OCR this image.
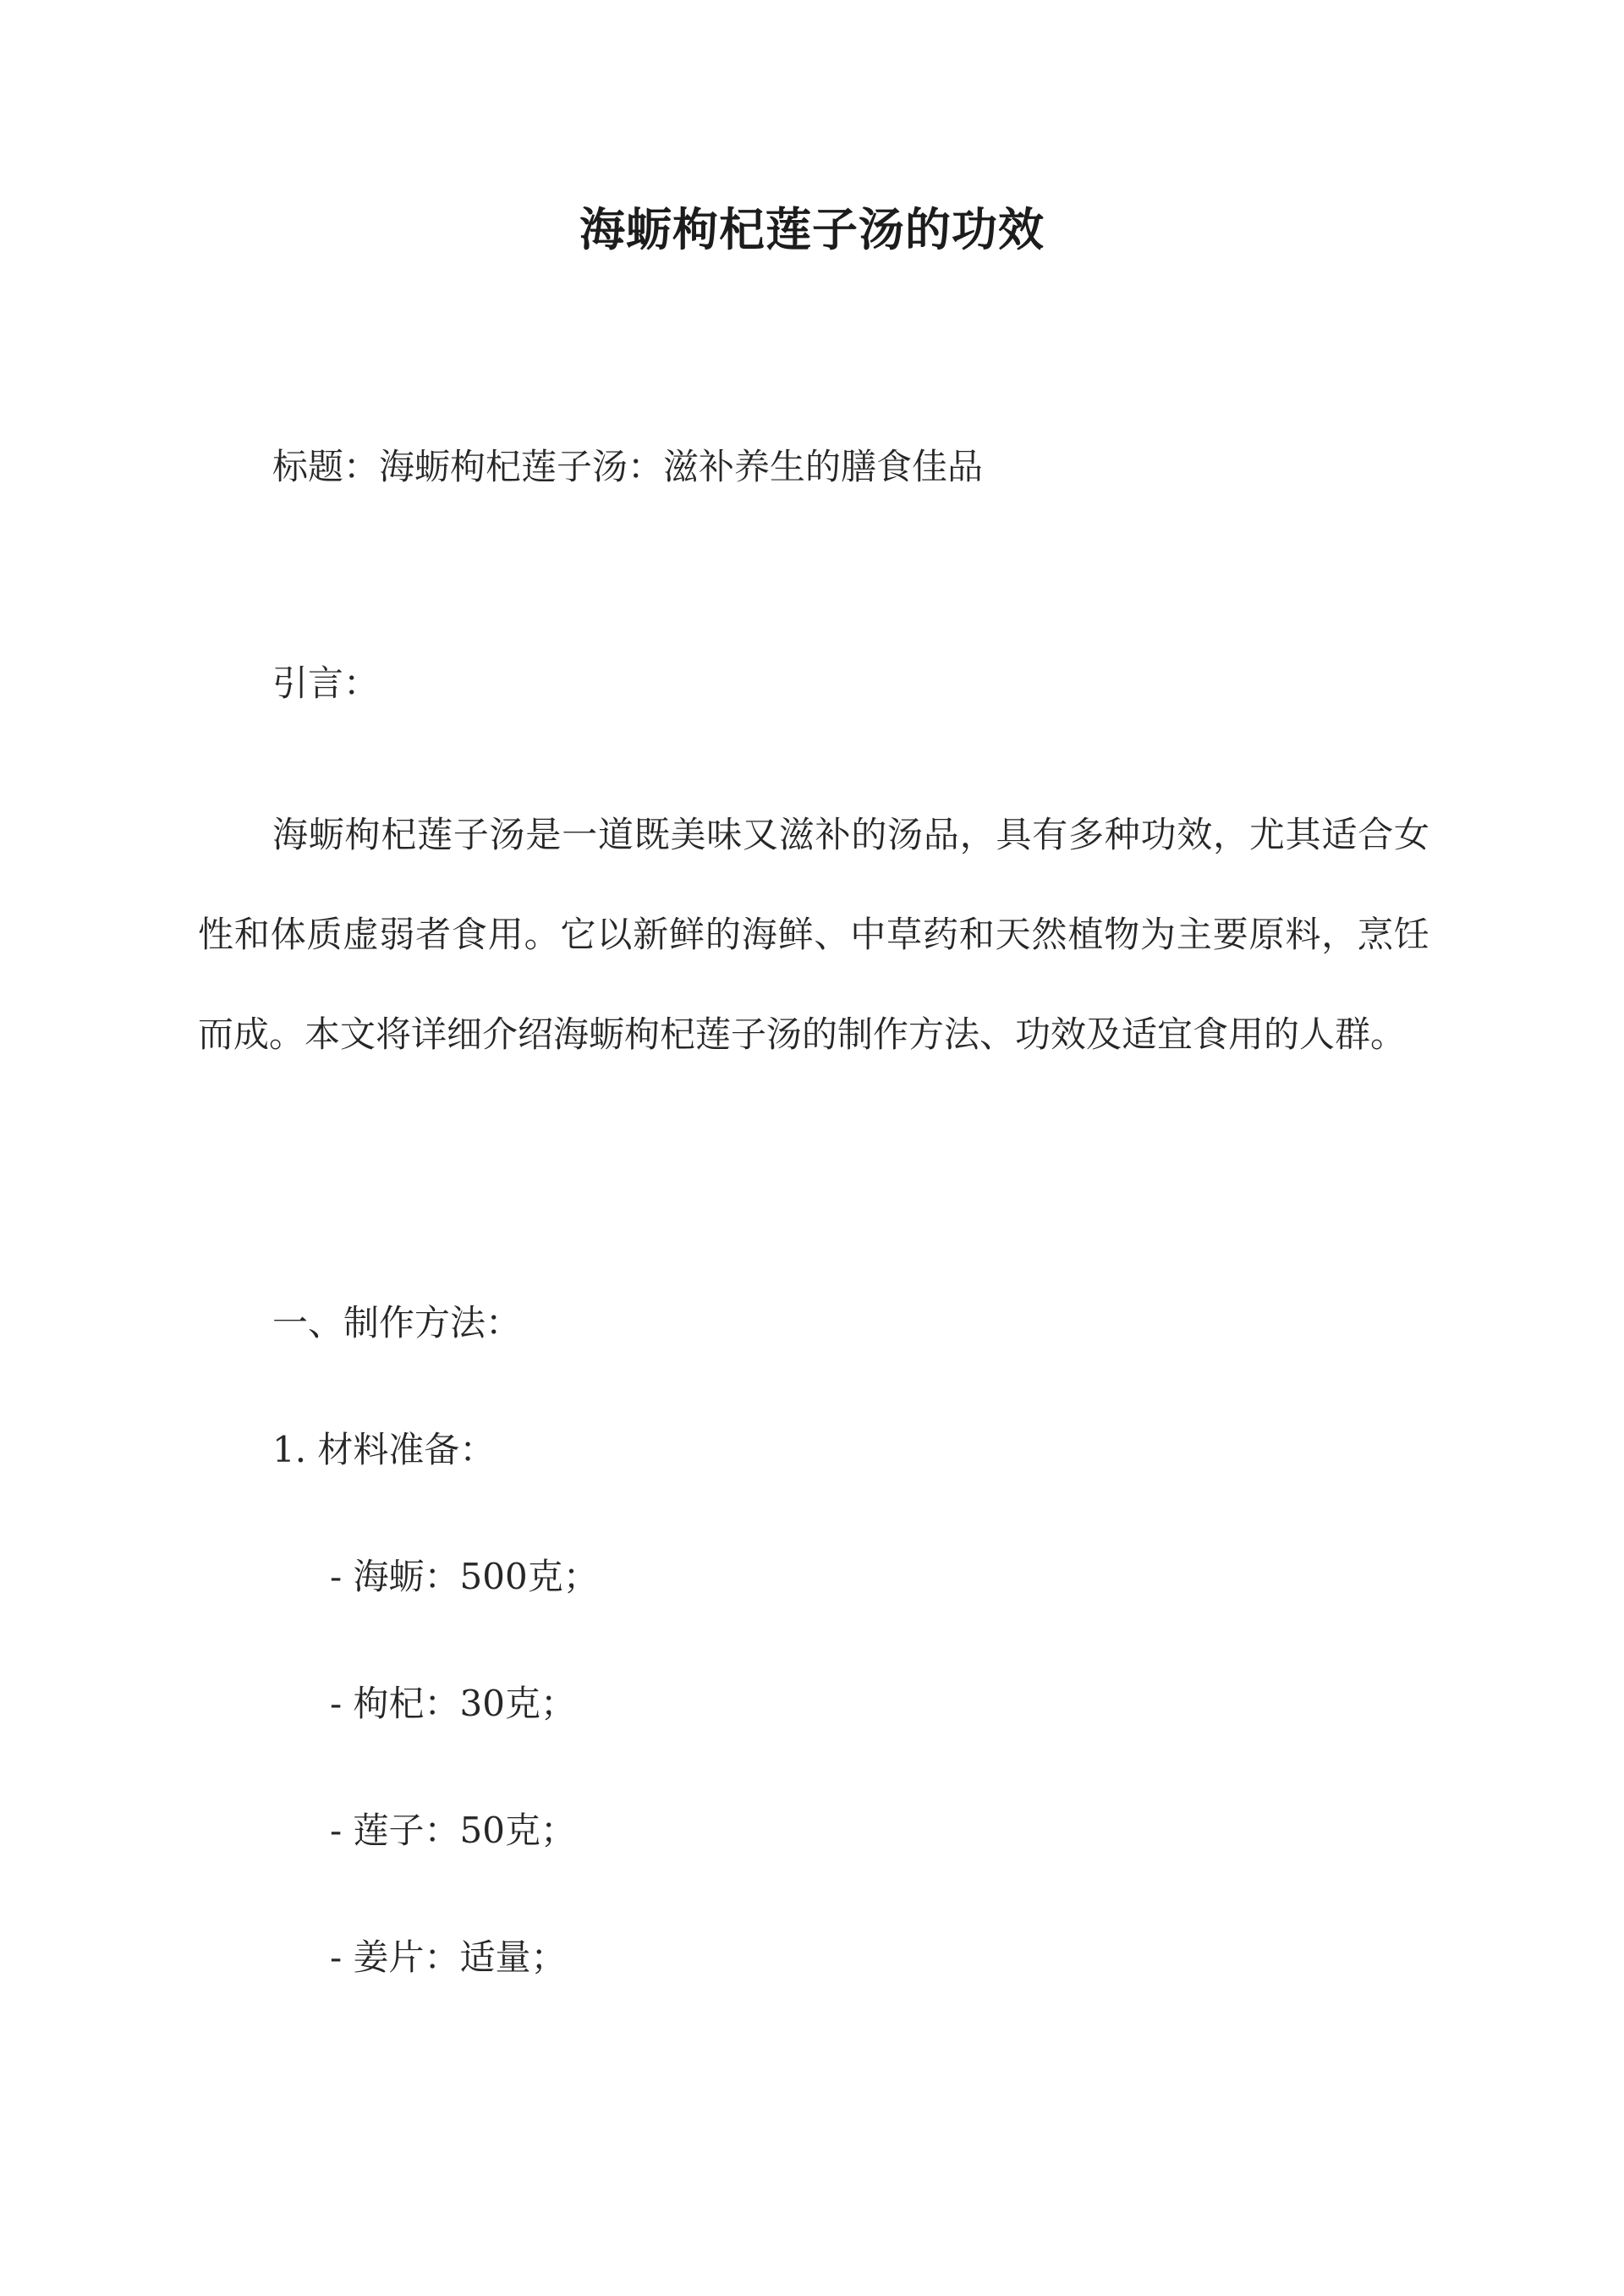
海蛎枸杞莲子汤的功效
标题：海蛎枸杞莲子汤：滋补养生的膳食佳品
引言：

海蛎枸杞莲子汤是一道既美味又滋补的汤品，具有多种功效，尤其适合女性和体质虚弱者食用。它以新鲜的海鲜、中草药和天然植物为主要原料，烹饪而成。本文将详细介绍海蛎枸杞莲子汤的制作方法、功效及适宜食用的人群。

一、制作方法：
1. 材料准备：
- 海蛎：500克；
- 枸杞：30克；
- 莲子：50克；
- 姜片：适量；
